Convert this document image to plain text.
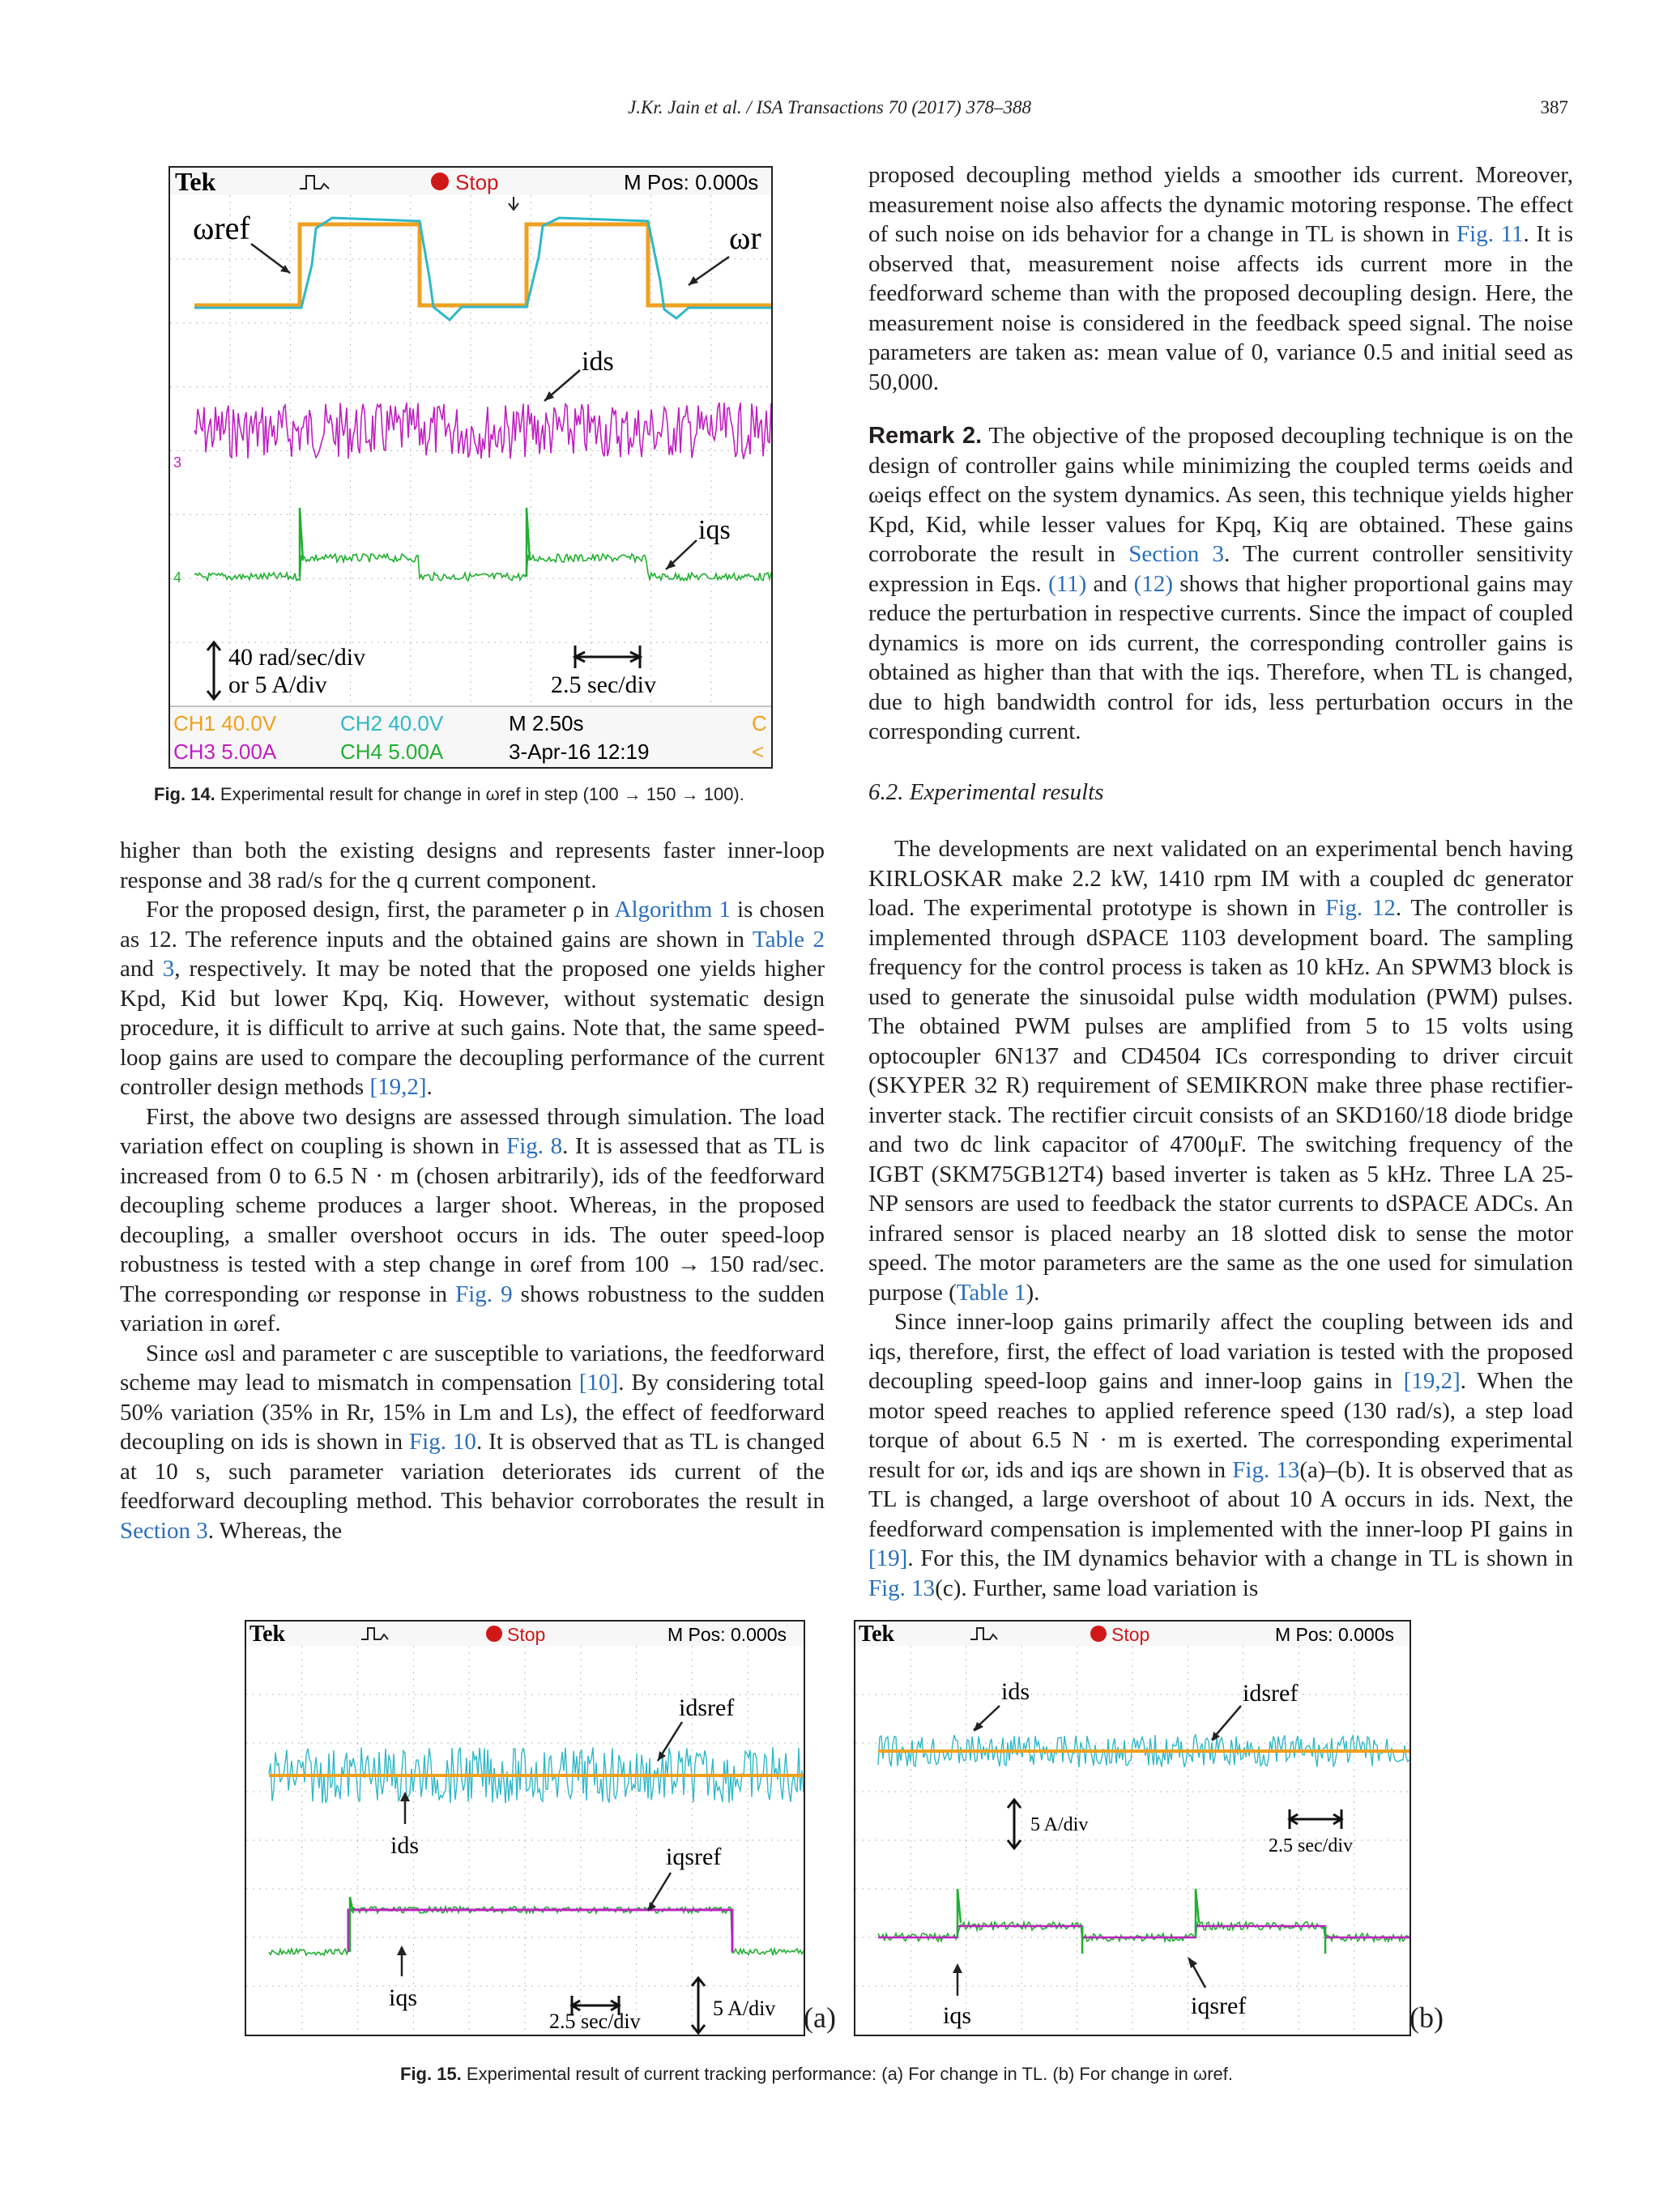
J.Kr. Jain et al. / ISA Transactions 70 (2017) 378–388	387
Tek	Stop	M Pos: 0.000s
ωref	ωr
ids
iqs
40 rad/sec/div
or 5 A/div	2.5 sec/div
3
4
CH1 40.0V	CH2 40.0V	M 2.50s	C
CH3 5.00A	CH4 5.00A	3-Apr-16 12:19	<
Fig. 14. Experimental result for change in ωref in step (100 → 150 → 100).

higher than both the existing designs and represents faster inner-loop response and 38 rad/s for the q current component.

For the proposed design, first, the parameter ρ in Algorithm 1 is chosen as 12. The reference inputs and the obtained gains are shown in Table 2 and 3, respectively. It may be noted that the proposed one yields higher Kpd, Kid but lower Kpq, Kiq. However, without systematic design procedure, it is difficult to arrive at such gains. Note that, the same speed-loop gains are used to compare the decoupling performance of the current controller design methods [19,2].

First, the above two designs are assessed through simulation. The load variation effect on coupling is shown in Fig. 8. It is assessed that as TL is increased from 0 to 6.5 N · m (chosen arbitrarily), ids of the feedforward decoupling scheme produces a larger shoot. Whereas, in the proposed decoupling, a smaller overshoot occurs in ids. The outer speed-loop robustness is tested with a step change in ωref from 100 → 150 rad/sec. The corresponding ωr response in Fig. 9 shows robustness to the sudden variation in ωref.

Since ωsl and parameter c are susceptible to variations, the feedforward scheme may lead to mismatch in compensation [10]. By considering total 50% variation (35% in Rr, 15% in Lm and Ls), the effect of feedforward decoupling on ids is shown in Fig. 10. It is observed that as TL is changed at 10 s, such parameter variation deteriorates ids current of the feedforward decoupling method. This behavior corroborates the result in Section 3. Whereas, the

proposed decoupling method yields a smoother ids current. Moreover, measurement noise also affects the dynamic motoring response. The effect of such noise on ids behavior for a change in TL is shown in Fig. 11. It is observed that, measurement noise affects ids current more in the feedforward scheme than with the proposed decoupling design. Here, the measurement noise is considered in the feedback speed signal. The noise parameters are taken as: mean value of 0, variance 0.5 and initial seed as 50,000.

Remark 2. The objective of the proposed decoupling technique is on the design of controller gains while minimizing the coupled terms ωeids and ωeiqs effect on the system dynamics. As seen, this technique yields higher Kpd, Kid, while lesser values for Kpq, Kiq are obtained. These gains corroborate the result in Section 3. The current controller sensitivity expression in Eqs. (11) and (12) shows that higher proportional gains may reduce the perturbation in respective currents. Since the impact of coupled dynamics is more on ids current, the corresponding controller gains is obtained as higher than that with the iqs. Therefore, when TL is changed, due to high bandwidth control for ids, less perturbation occurs in the corresponding current.

6.2. Experimental results

The developments are next validated on an experimental bench having KIRLOSKAR make 2.2 kW, 1410 rpm IM with a coupled dc generator load. The experimental prototype is shown in Fig. 12. The controller is implemented through dSPACE 1103 development board. The sampling frequency for the control process is taken as 10 kHz. An SPWM3 block is used to generate the sinusoidal pulse width modulation (PWM) pulses. The obtained PWM pulses are amplified from 5 to 15 volts using optocoupler 6N137 and CD4504 ICs corresponding to driver circuit (SKYPER 32 R) requirement of SEMIKRON make three phase rectifier- inverter stack. The rectifier circuit consists of an SKD160/18 diode bridge and two dc link capacitor of 4700μF. The switching frequency of the IGBT (SKM75GB12T4) based inverter is taken as 5 kHz. Three LA 25-NP sensors are used to feedback the stator currents to dSPACE ADCs. An infrared sensor is placed nearby an 18 slotted disk to sense the motor speed. The motor parameters are the same as the one used for simulation purpose (Table 1).

Since inner-loop gains primarily affect the coupling between ids and iqs, therefore, first, the effect of load variation is tested with the proposed decoupling speed-loop gains and inner-loop gains in [19,2]. When the motor speed reaches to applied reference speed (130 rad/s), a step load torque of about 6.5 N · m is exerted. The corresponding experimental result for ωr, ids and iqs are shown in Fig. 13(a)–(b). It is observed that as TL is changed, a large overshoot of about 10 A occurs in ids. Next, the feedforward compensation is implemented with the inner-loop PI gains in [19]. For this, the IM dynamics behavior with a change in TL is shown in Fig. 13(c). Further, same load variation is

Tek	Stop	M Pos: 0.000s
idsref
ids	iqsref
iqs
2.5 sec/div
5 A/div (a)
Tek	Stop	M Pos: 0.000s
ids	idsref
5 A/div
2.5 sec/div
iqs	iqsref	(b)
Fig. 15. Experimental result of current tracking performance: (a) For change in TL. (b) For change in ωref.
